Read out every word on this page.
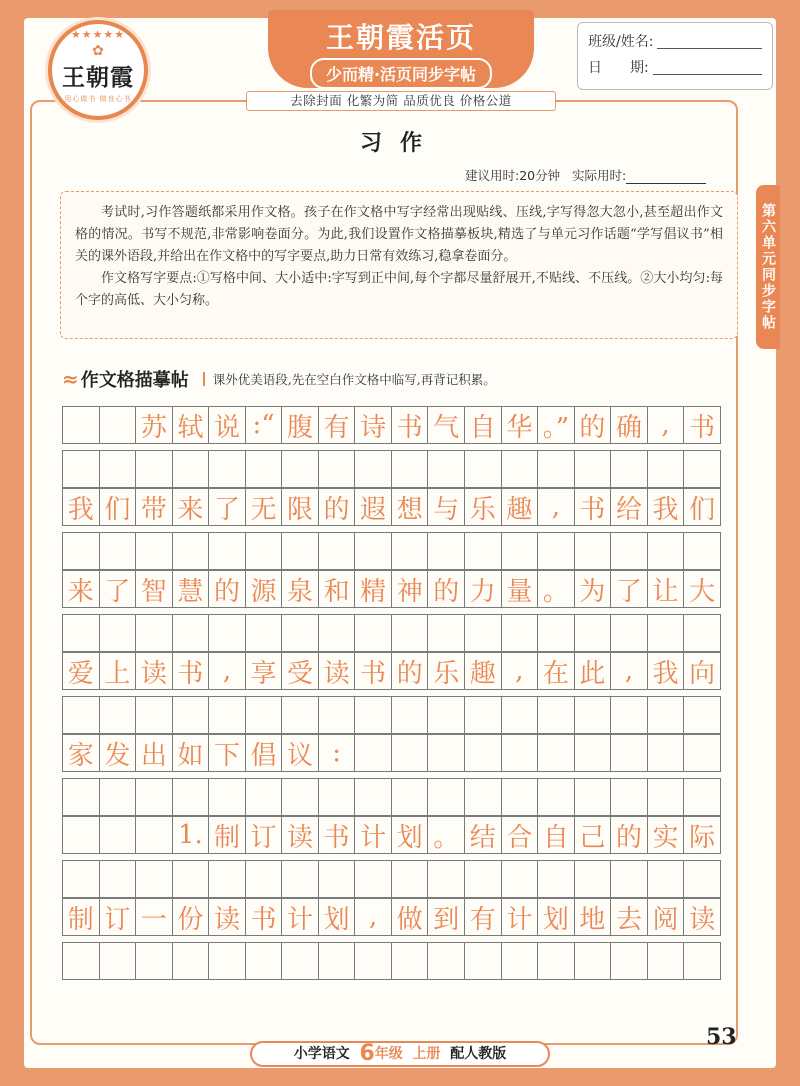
★★★★★
✿
王朝霞
用心做书 做良心书
王朝霞活页
少而精·活页同步字帖
去除封面 化繁为简 品质优良 价格公道
班级/姓名:
日　　期:
习作
建议用时:20分钟 实际用时:

考试时,习作答题纸都采用作文格。孩子在作文格中写字经常出现贴线、压线,字写得忽大忽小,甚至超出作文格的情况。书写不规范,非常影响卷面分。为此,我们设置作文格描摹板块,精选了与单元习作话题“学写倡议书”相关的课外语段,并给出在作文格中的写字要点,助力日常有效练习,稳拿卷面分。

作文格写字要点:①写格中间、大小适中:字写到正中间,每个字都尽量舒展开,不贴线、不压线。②大小均匀:每个字的高低、大小匀称。	第六单元同步字帖
≈ 作文格描摹帖 课外优美语段,先在空白作文格中临写,再背记积累。
苏 轼 说 :“ 腹 有 诗 书 气 自 华 。” 的 确 , 书
我 们 带 来 了 无 限 的 遐 想 与 乐 趣 , 书 给 我 们
来 了 智 慧 的 源 泉 和 精 神 的 力 量 。 为 了 让 大
爱 上 读 书 , 享 受 读 书 的 乐 趣 , 在 此 , 我 向
家 发 出 如 下 倡 议 :
1. 制 订 读 书 计 划 。 结 合 自 己 的 实 际
制 订 一 份 读 书 计 划 , 做 到 有 计 划 地 去 阅 读
53
小学语文 6年级 上册 配人教版
